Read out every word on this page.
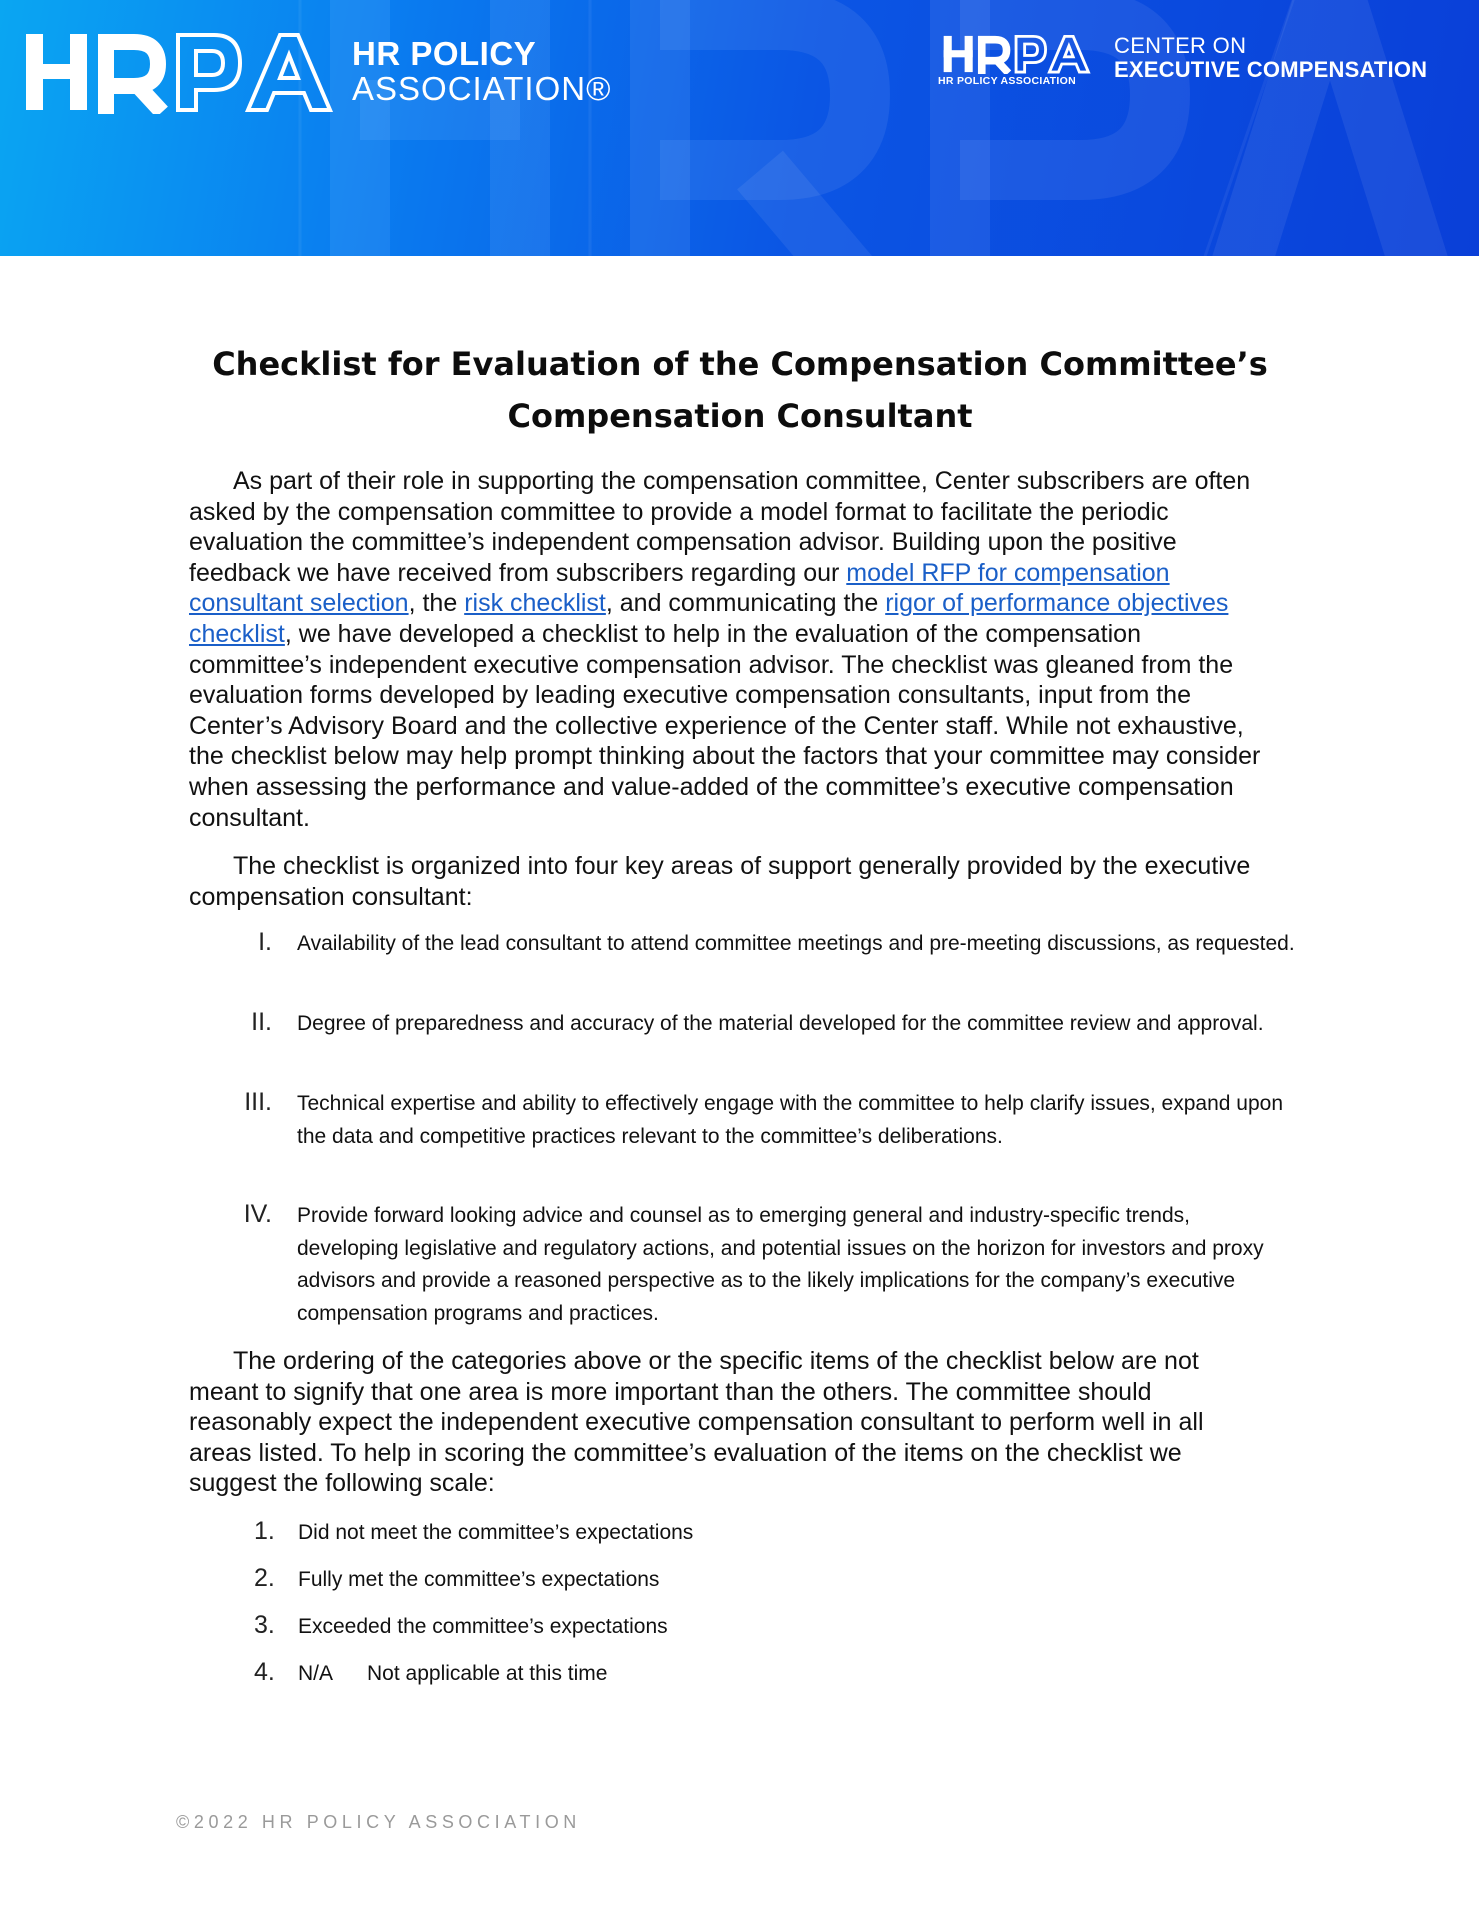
HR POLICY
ASSOCIATION®	HR POLICY ASSOCIATION
CENTER ON
EXECUTIVE COMPENSATION
Checklist for Evaluation of the Compensation Committee’s
Compensation Consultant

As part of their role in supporting the compensation committee, Center subscribers are often asked by the compensation committee to provide a model format to facilitate the periodic evaluation the committee’s independent compensation advisor. Building upon the positive feedback we have received from subscribers regarding our model RFP for compensation consultant selection, the risk checklist, and communicating the rigor of performance objectives checklist, we have developed a checklist to help in the evaluation of the compensation committee’s independent executive compensation advisor. The checklist was gleaned from the evaluation forms developed by leading executive compensation consultants, input from the Center’s Advisory Board and the collective experience of the Center staff. While not exhaustive, the checklist below may help prompt thinking about the factors that your committee may consider when assessing the performance and value-added of the committee’s executive compensation consultant.

The checklist is organized into four key areas of support generally provided by the executive compensation consultant:

I. Availability of the lead consultant to attend committee meetings and pre-meeting discussions, as requested.
II. Degree of preparedness and accuracy of the material developed for the committee review and approval.
III. Technical expertise and ability to effectively engage with the committee to help clarify issues, expand upon the data and competitive practices relevant to the committee’s deliberations.
IV. Provide forward looking advice and counsel as to emerging general and industry-specific trends, developing legislative and regulatory actions, and potential issues on the horizon for investors and proxy advisors and provide a reasoned perspective as to the likely implications for the company’s executive compensation programs and practices.

The ordering of the categories above or the specific items of the checklist below are not meant to signify that one area is more important than the others. The committee should reasonably expect the independent executive compensation consultant to perform well in all areas listed. To help in scoring the committee’s evaluation of the items on the checklist we suggest the following scale:

1. Did not meet the committee’s expectations
2. Fully met the committee’s expectations
3. Exceeded the committee’s expectations
4. N/A Not applicable at this time
©2022 HR POLICY ASSOCIATION
